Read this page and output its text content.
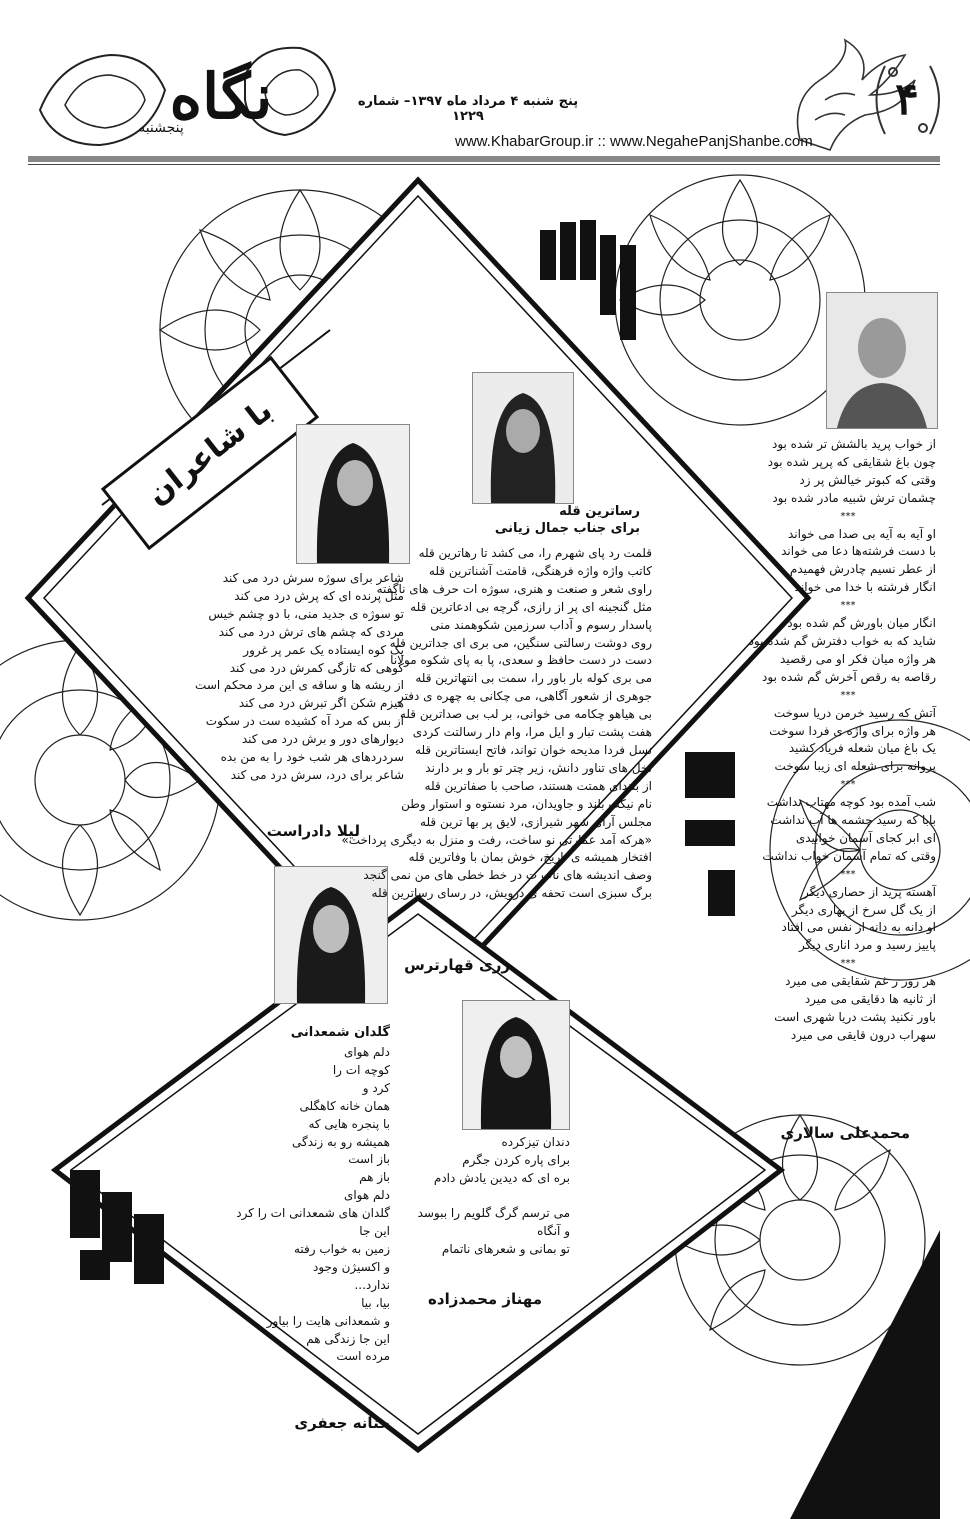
نگاه
پنجشنبه
پنج شنبه ۴ مرداد ماه ۱۳۹۷– شماره ۱۲۲۹
www.KhabarGroup.ir :: www.NegahePanjShanbe.com
۴
با شاعران	از خواب پرید بالشش تر شده بود
چون باغ شقایقی که پرپر شده بود
وقتی که کبوتر خیالش پر زد
چشمان ترش شبیه مادر شده بود
***
او آیه به آیه بی صدا می خواند
با دست فرشته‌ها دعا می خواند
از عطر نسیم چادرش فهمیدم
انگار فرشته با خدا می خواند
***
انگار میان باورش گم شده بود
شاید که به خواب دفترش گم شده بود
هر واژه میان فکر او می رقصید
رقاصه به رقص آخرش گم شده بود
***
آتش که رسید خرمن دریا سوخت
هر واژه برای واژه ی فردا سوخت
یک باغ میان شعله فریاد کشید
پروانه برای شعله ای زیبا سوخت
***
شب آمده بود کوچه مهتاب نداشت
بابا که رسید چشمه ها آب نداشت
ای ابر کجای آسمان خوابیدی
وقتی که تمام آسمان خواب نداشت
***
آهسته پرید از حصاری دیگر
از یک گل سرخ از بهاری دیگر
او دانه به دانه از نفس می افتاد
پاییز رسید و مرد اناری دیگر
***
هر روز ز غم شقایقی می میرد
از ثانیه ها دقایقی می میرد
باور نکنید پشت دریا شهری است
سهراب درون قایقی می میرد
محمدعلی سالاری
رساترین قله
برای جناب جمال زیانی
قلمت رد پای شهرم را، می کشد تا رهاترین قله
کاتب واژه واژه فرهنگی، قامتت آشناترین قله
راوی شعر و صنعت و هنری، سوژه ات حرف های ناگفته
مثل گنجینه ای پر از رازی، گرچه بی ادعاترین قله
پاسدار رسوم و آداب سرزمین شکوهمند منی
روی دوشت رسالتی سنگین، می بری ای جداترین قله
دست در دست حافظ و سعدی، پا به پای شکوه مولانا
می بری کوله بار باور را، سمت بی انتهاترین قله
جوهری از شعور آگاهی، می چکانی به چهره ی دفتر
بی هیاهو چکامه می خوانی، بر لب بی صداترین قله
هفت پشت تبار و ایل مرا، وام دار رسالتت کردی
نسل فردا مدیحه خوان تواند، فاتح ایستاترین قله
نخل های تناور دانش، زیر چتر تو بار و بر دارند
از بلندای همتت هستند، صاحب با صفاترین قله
نام نیکت بلند و جاویدان، مرد نستوه و استوار وطن
مجلس آرای شهر شیرازی، لایق پر بها ترین قله
«هرکه آمد عمارتی نو ساخت، رفت و منزل به دیگری پرداخت»
افتخار همیشه ی تاریخ، خوش بمان با وفاترین قله
وصف اندیشه های ناب ت در خط خطی های من نمی گنجد
برگ سبزی است تحفه ی درویش، در رسای رساترین قله
زری قهارترس
شاعر برای سوژه سرش درد می کند
مثل پرنده ای که پرش درد می کند
تو سوژه ی جدید منی، با دو چشم خیس
مردی که چشم های ترش درد می کند
یک کوه ایستاده یک عمر پر غرور
کوهی که تازگی کمرش درد می کند
از ریشه ها و ساقه ی این مرد محکم است
هیزم شکن اگر تبرش درد می کند
از بس که مرد آه کشیده ست در سکوت
دیوارهای دور و برش درد می کند
سردردهای هر شب خود را به من بده
شاعر برای درد، سرش درد می کند
لیلا دادراست
گلدان شمعدانی
دلم هوای
کوچه ات را
کرد و
همان خانه کاهگلی
با پنجره هایی که
همیشه رو به زندگی
باز است
باز هم
دلم هوای
گلدان های شمعدانی ات را کرد
این جا
زمین به خواب رفته
و اکسیژن وجود
ندارد...
بیا، بیا
و شمعدانی هایت را بیاور
این جا زندگی هم
مرده است
حنانه جعفری
دندان تیزکرده
برای پاره کردن جگرم
بره ای که دیدین یادش دادم
می ترسم گرگ گلویم را ببوسد
و آنگاه
تو بمانی و شعرهای ناتمام
مهناز محمدزاده
